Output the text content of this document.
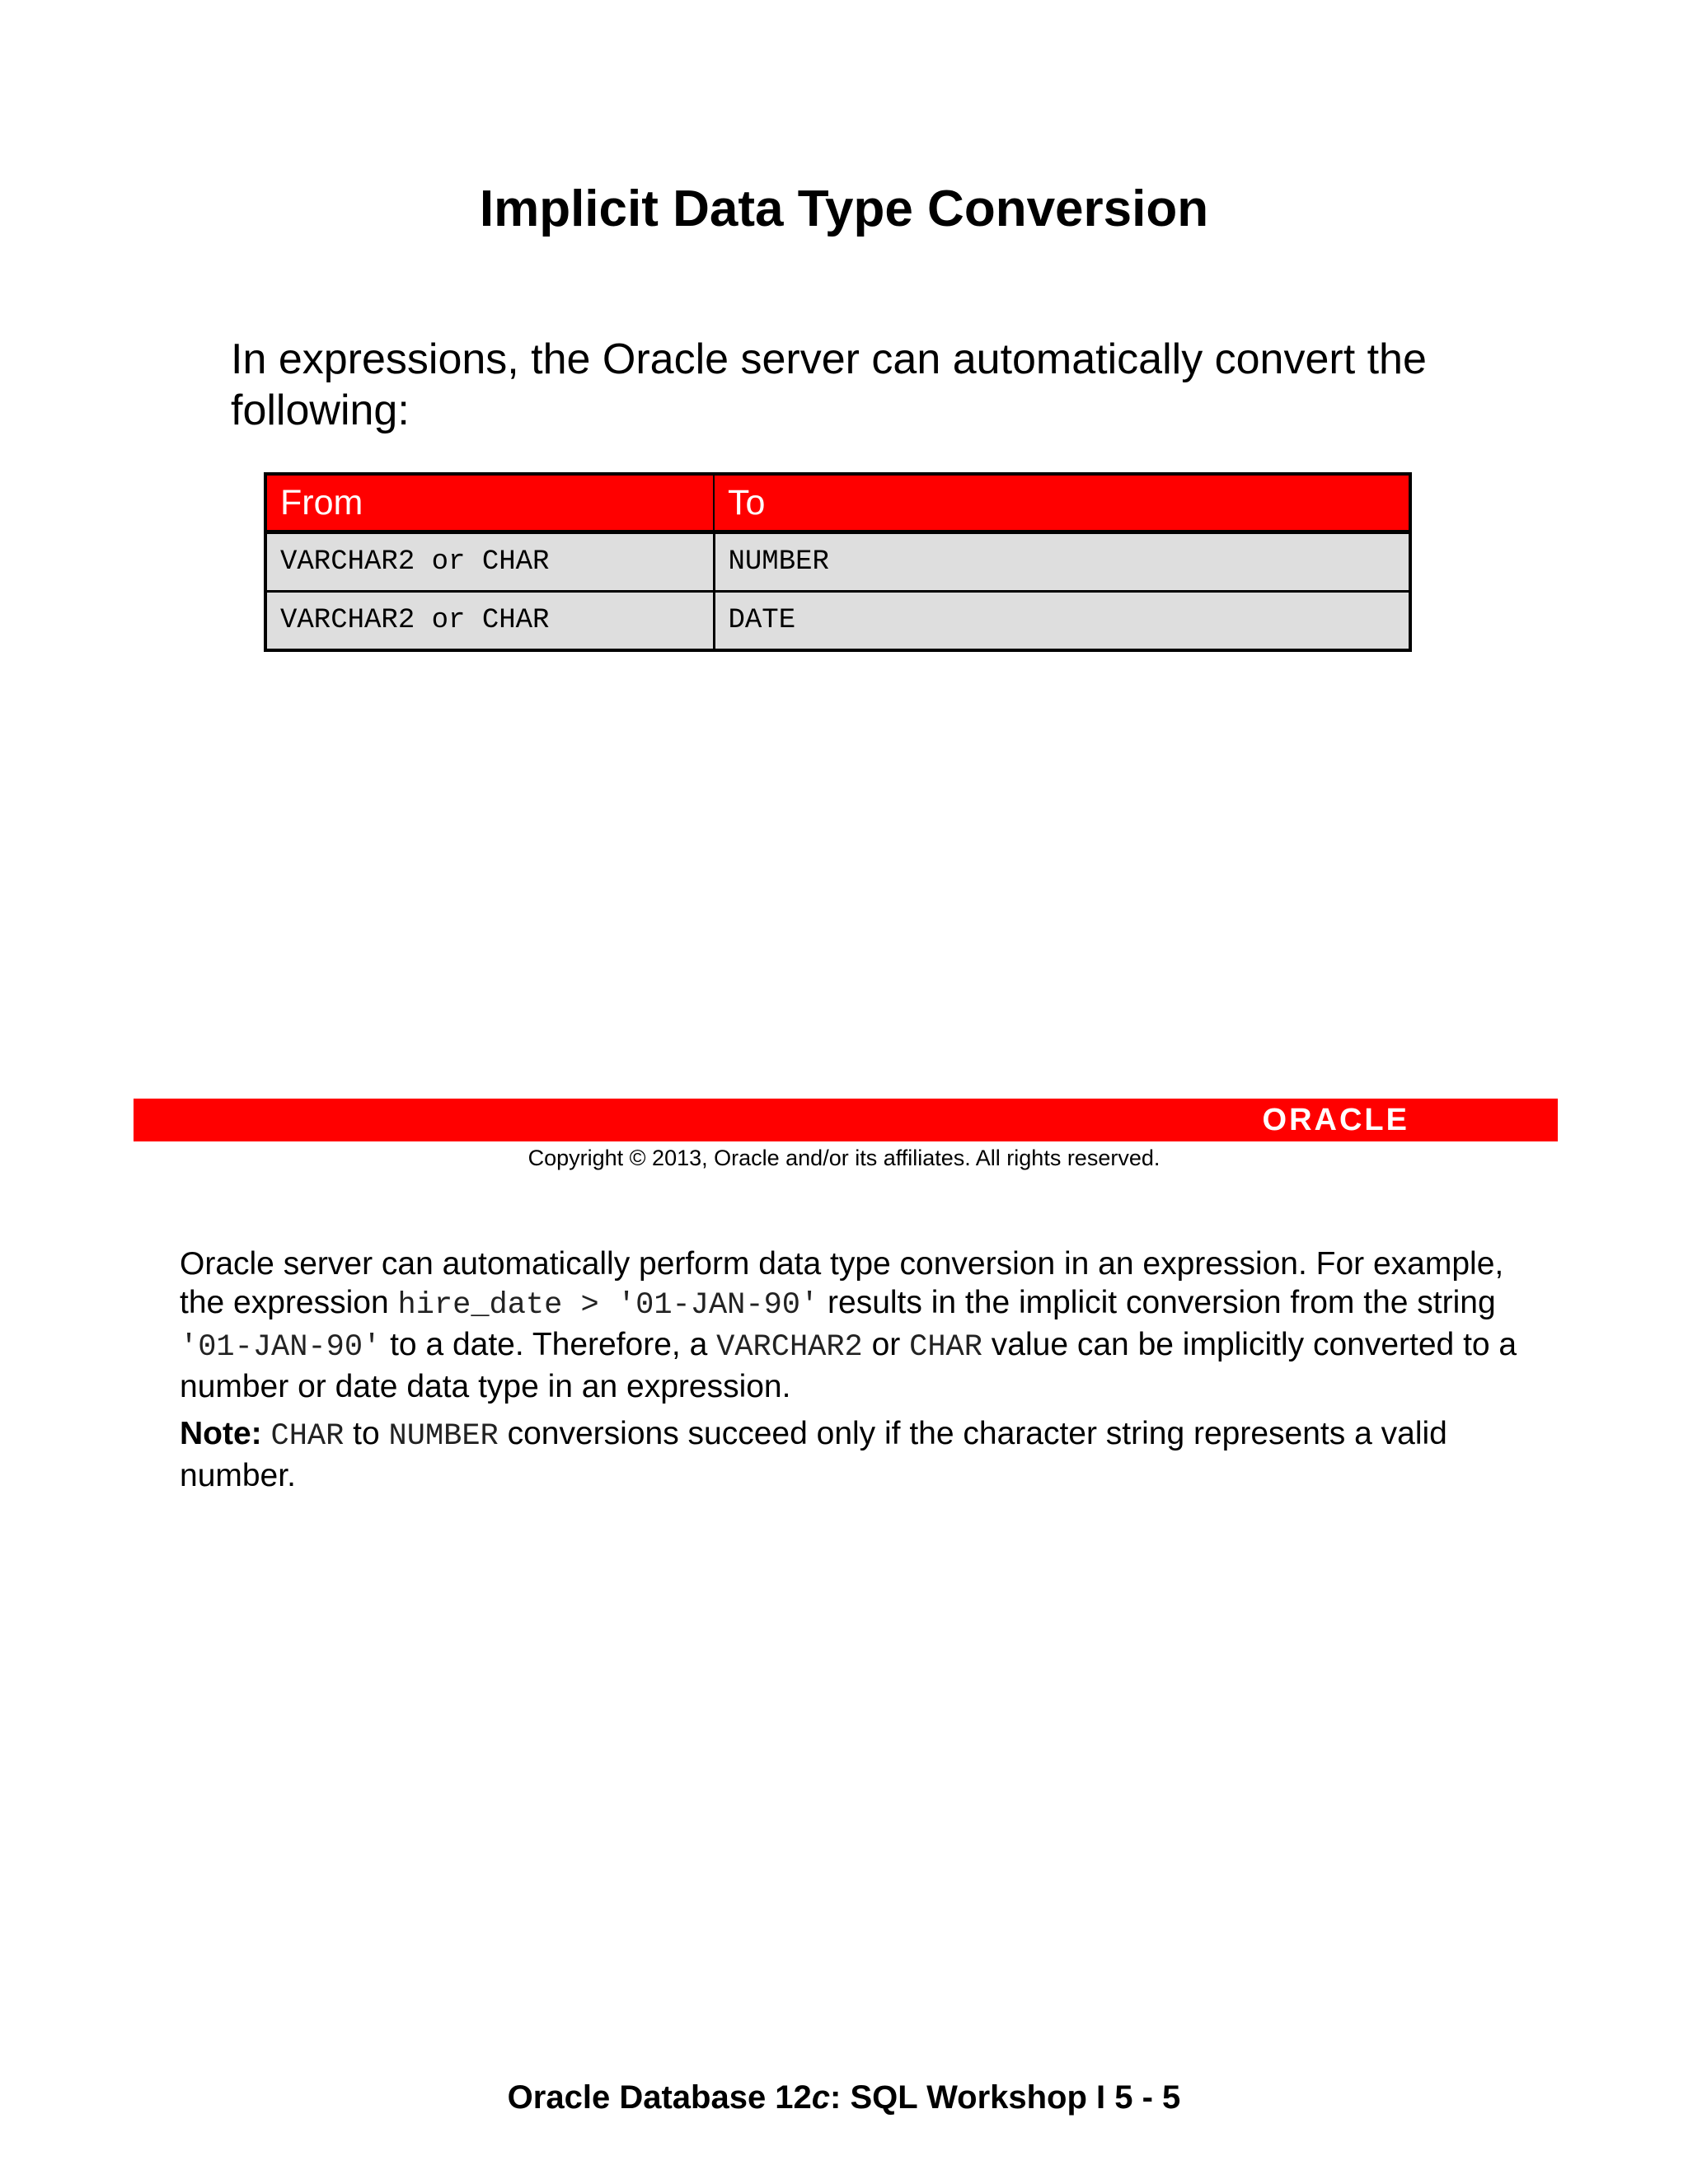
Implicit Data Type Conversion
In expressions, the Oracle server can automatically convert the following:
From	To
VARCHAR2 or CHAR	NUMBER
VARCHAR2 or CHAR	DATE
ORACLE
Copyright © 2013, Oracle and/or its affiliates. All rights reserved.

Oracle server can automatically perform data type conversion in an expression. For example, the expression hire_date > '01-JAN-90' results in the implicit conversion from the string '01-JAN-90' to a date. Therefore, a VARCHAR2 or CHAR value can be implicitly converted to a number or date data type in an expression.

Note: CHAR to NUMBER conversions succeed only if the character string represents a valid number.

Oracle Database 12c: SQL Workshop I 5 - 5
